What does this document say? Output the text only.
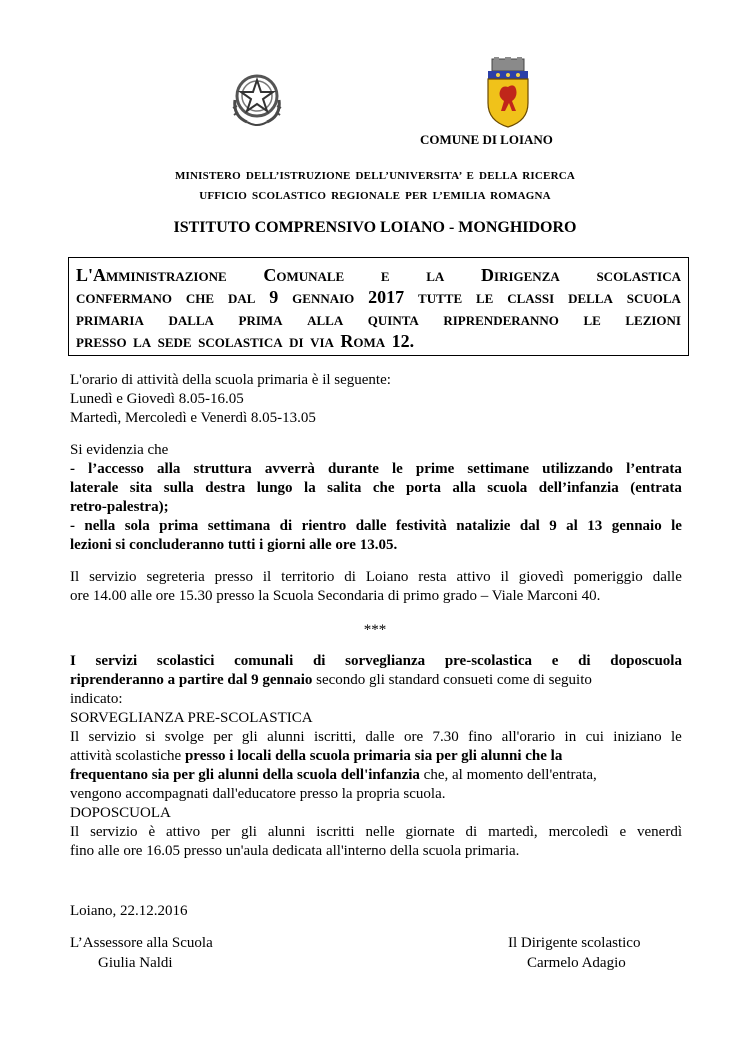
COMUNE DI LOIANO
MINISTERO DELL’ISTRUZIONE DELL’UNIVERSITA’ E DELLA RICERCA
UFFICIO SCOLASTICO REGIONALE PER L’EMILIA ROMAGNA
ISTITUTO COMPRENSIVO LOIANO - MONGHIDORO
L'Amministrazione Comunale e la Dirigenza scolastica
confermano che dal 9 gennaio 2017 tutte le classi della scuola
primaria dalla prima alla quinta riprenderanno le lezioni
presso la sede scolastica di via Roma 12.
L'orario di attività della scuola primaria è il seguente:
Lunedì e Giovedì 8.05-16.05
Martedì, Mercoledì e Venerdì 8.05-13.05
Si evidenzia che
- l’accesso alla struttura avverrà durante le prime settimane utilizzando l’entrata
laterale sita sulla destra lungo la salita che porta alla scuola dell’infanzia (entrata
retro-palestra);
- nella sola prima settimana di rientro dalle festività natalizie dal 9 al 13 gennaio le
lezioni si concluderanno tutti i giorni alle ore 13.05.
Il servizio segreteria presso il territorio di Loiano resta attivo il giovedì pomeriggio dalle
ore 14.00 alle ore 15.30 presso la Scuola Secondaria di primo grado – Viale Marconi 40.
***
I servizi scolastici comunali di sorveglianza pre-scolastica e di doposcuola
riprenderanno a partire dal 9 gennaio secondo gli standard consueti come di seguito
indicato:
SORVEGLIANZA PRE-SCOLASTICA
Il servizio si svolge per gli alunni iscritti, dalle ore 7.30 fino all'orario in cui iniziano le
attività scolastiche presso i locali della scuola primaria sia per gli alunni che la
frequentano sia per gli alunni della scuola dell'infanzia che, al momento dell'entrata,
vengono accompagnati dall'educatore presso la propria scuola.
DOPOSCUOLA
Il servizio è attivo per gli alunni iscritti nelle giornate di martedì, mercoledì e venerdì
fino alle ore 16.05 presso un'aula dedicata all'interno della scuola primaria.
Loiano, 22.12.2016
L’Assessore alla Scuola
Giulia Naldi
Il Dirigente scolastico
Carmelo Adagio
